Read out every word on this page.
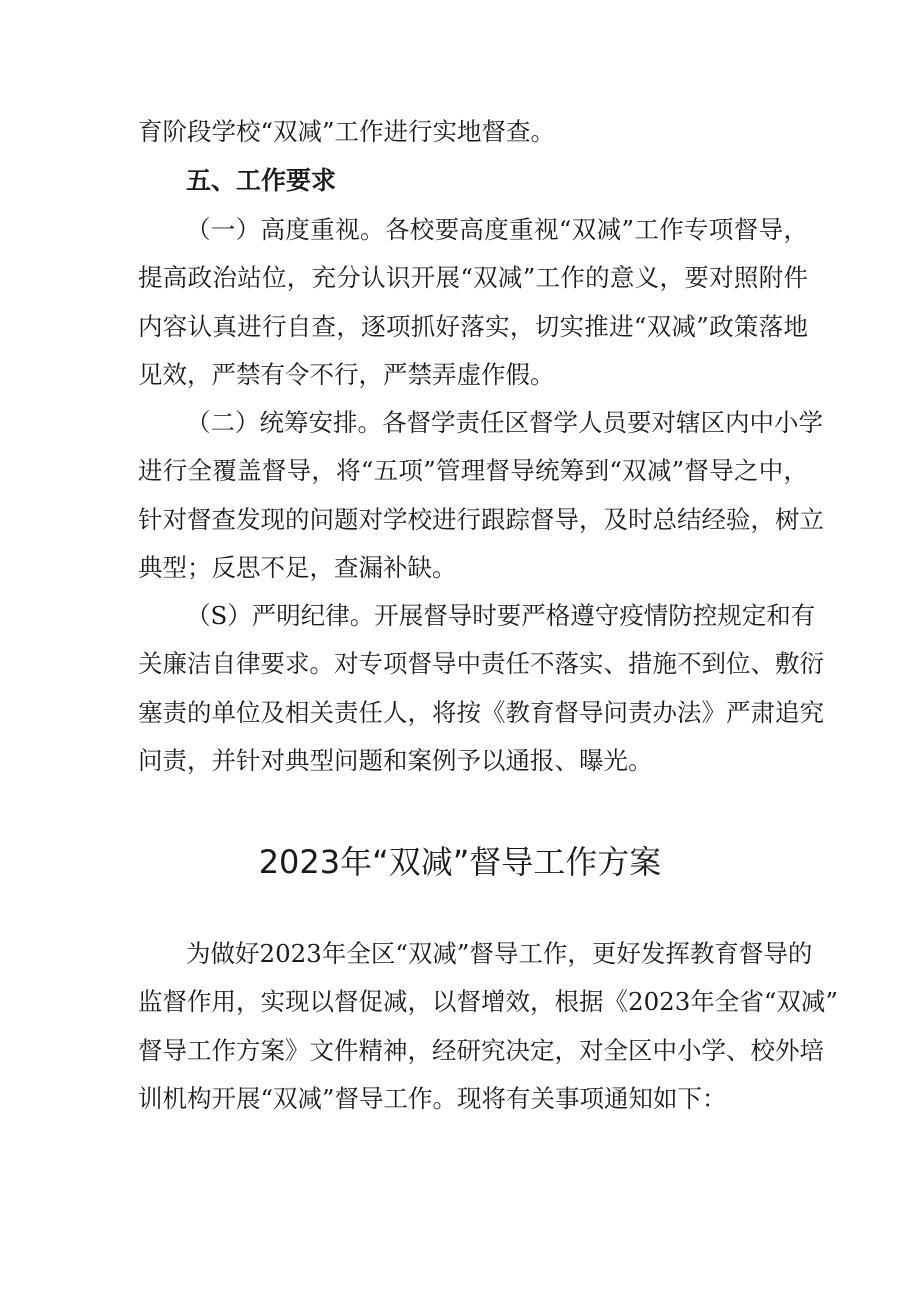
育阶段学校“双减”工作进行实地督查。
五、工作要求
（一）高度重视。各校要高度重视“双减”工作专项督导，
提高政治站位，充分认识开展“双减”工作的意义，要对照附件
内容认真进行自查，逐项抓好落实，切实推进“双减”政策落地
见效，严禁有令不行，严禁弄虚作假。
（二）统筹安排。各督学责任区督学人员要对辖区内中小学
进行全覆盖督导，将“五项”管理督导统筹到“双减”督导之中，
针对督查发现的问题对学校进行跟踪督导，及时总结经验，树立
典型；反思不足，查漏补缺。
（S）严明纪律。开展督导时要严格遵守疫情防控规定和有
关廉洁自律要求。对专项督导中责任不落实、措施不到位、敷衍
塞责的单位及相关责任人，将按《教育督导问责办法》严肃追究
问责，并针对典型问题和案例予以通报、曝光。
2023年“双减”督导工作方案
为做好2023年全区“双减”督导工作，更好发挥教育督导的
监督作用，实现以督促减，以督增效，根据《2023年全省“双减”
督导工作方案》文件精神，经研究决定，对全区中小学、校外培
训机构开展“双减”督导工作。现将有关事项通知如下：
